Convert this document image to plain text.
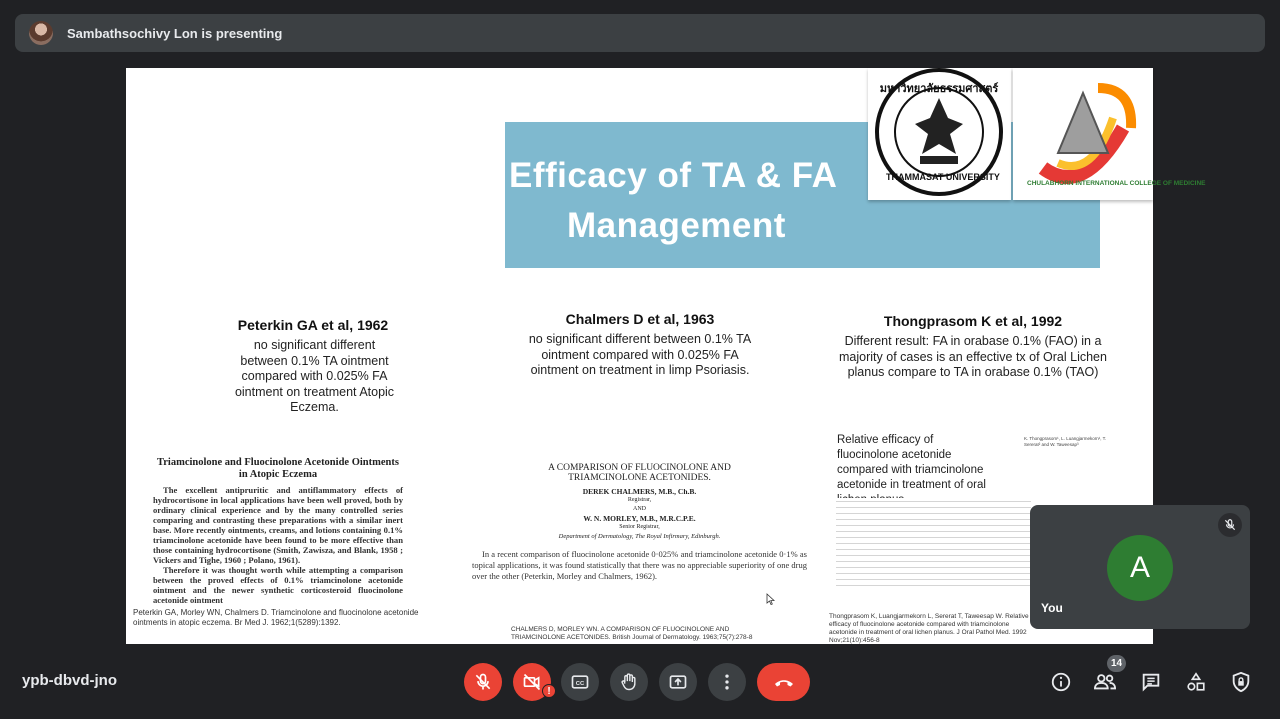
Sambathsochivy Lon is presenting
Efficacy of TA & FA
Management
มหาวิทยาลัยธรรมศาสตร์
THAMMASAT UNIVERSITY
CHULABHORN INTERNATIONAL COLLEGE OF MEDICINE
Peterkin GA et al, 1962
no significant different between 0.1% TA ointment compared with 0.025% FA ointment on treatment Atopic Eczema.
Triamcinolone and Fluocinolone Acetonide Ointments in Atopic Eczema
The excellent antipruritic and antiflammatory effects of hydrocortisone in local applications have been well proved, both by ordinary clinical experience and by the many controlled series comparing and contrasting these preparations with a similar inert base. More recently ointments, creams, and lotions containing 0.1% triamcinolone acetonide have been found to be more effective than those containing hydrocortisone (Smith, Zawisza, and Blank, 1958 ; Vickers and Tighe, 1960 ; Polano, 1961).
Therefore it was thought worth while attempting a comparison between the proved effects of 0.1% triamcinolone acetonide ointment and the newer synthetic corticosteroid fluocinolone acetonide ointment
Peterkin GA, Morley WN, Chalmers D. Triamcinolone and fluocinolone acetonide ointments in atopic eczema. Br Med J. 1962;1(5289):1392.
Chalmers D et al, 1963
no significant different between 0.1% TA ointment compared with 0.025% FA ointment on treatment in limp Psoriasis.
A COMPARISON OF FLUOCINOLONE AND TRIAMCINOLONE ACETONIDES.
DEREK CHALMERS, M.B., Ch.B.
Registrar,
AND
W. N. MORLEY, M.B., M.R.C.P.E.
Senior Registrar,
Department of Dermatology, The Royal Infirmary, Edinburgh.
In a recent comparison of fluocinolone acetonide 0·025% and triamcinolone acetonide 0·1% as topical applications, it was found statistically that there was no appreciable superiority of one drug over the other (Peterkin, Morley and Chalmers, 1962).
CHALMERS D, MORLEY WN. A COMPARISON OF FLUOCINOLONE AND TRIAMCINOLONE ACETONIDES. British Journal of Dermatology. 1963;75(7):278-8
Thongprasom K et al, 1992
Different result: FA in orabase 0.1% (FAO) in a majority of cases is an effective tx of Oral Lichen planus compare to TA in orabase 0.1% (TAO)
Relative efficacy of fluocinolone acetonide compared with triamcinolone acetonide in treatment of oral
K. Thongprasom¹, L. Luangjarmekorn¹, T. Sererat² and W. Taweesap³
Thongprasom K, Luangjarmekorn L, Sererat T, Taweesap W. Relative efficacy of fluocinolone acetonide compared with triamcinolone acetonide in treatment of oral lichen planus. J Oral Pathol Med. 1992 Nov;21(10):456-8
A
You
ypb-dbvd-jno
!
CC
14
